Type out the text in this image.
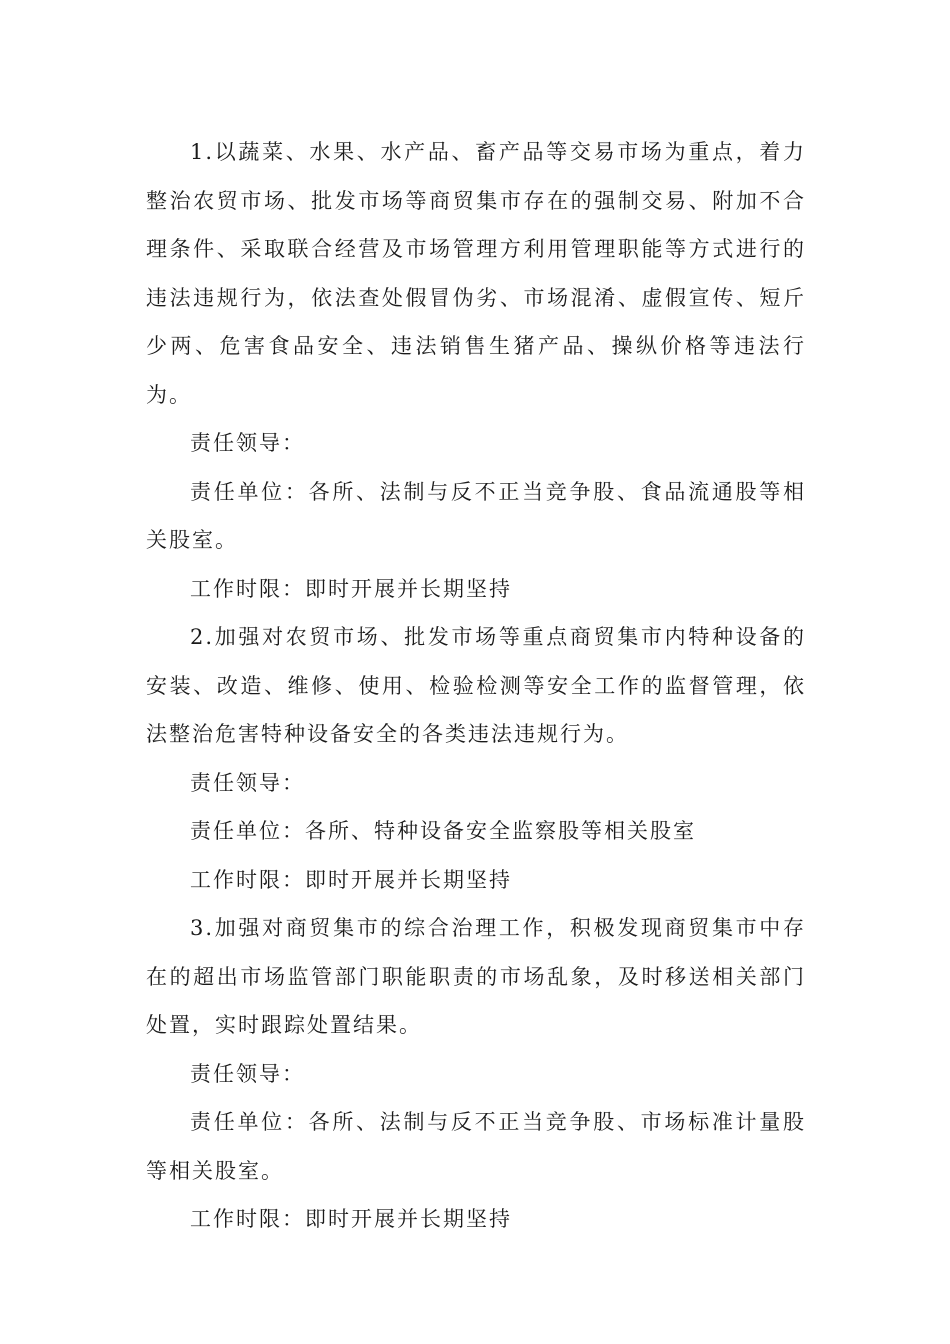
1.以蔬菜、水果、水产品、畜产品等交易市场为重点，着力整治农贸市场、批发市场等商贸集市存在的强制交易、附加不合理条件、采取联合经营及市场管理方利用管理职能等方式进行的违法违规行为，依法查处假冒伪劣、市场混淆、虚假宣传、短斤少两、危害食品安全、违法销售生猪产品、操纵价格等违法行为。

责任领导：

责任单位：各所、法制与反不正当竞争股、食品流通股等相关股室。

工作时限：即时开展并长期坚持

2.加强对农贸市场、批发市场等重点商贸集市内特种设备的安装、改造、维修、使用、检验检测等安全工作的监督管理，依法整治危害特种设备安全的各类违法违规行为。

责任领导：

责任单位：各所、特种设备安全监察股等相关股室

工作时限：即时开展并长期坚持

3.加强对商贸集市的综合治理工作，积极发现商贸集市中存在的超出市场监管部门职能职责的市场乱象，及时移送相关部门处置，实时跟踪处置结果。

责任领导：

责任单位：各所、法制与反不正当竞争股、市场标准计量股等相关股室。

工作时限：即时开展并长期坚持
